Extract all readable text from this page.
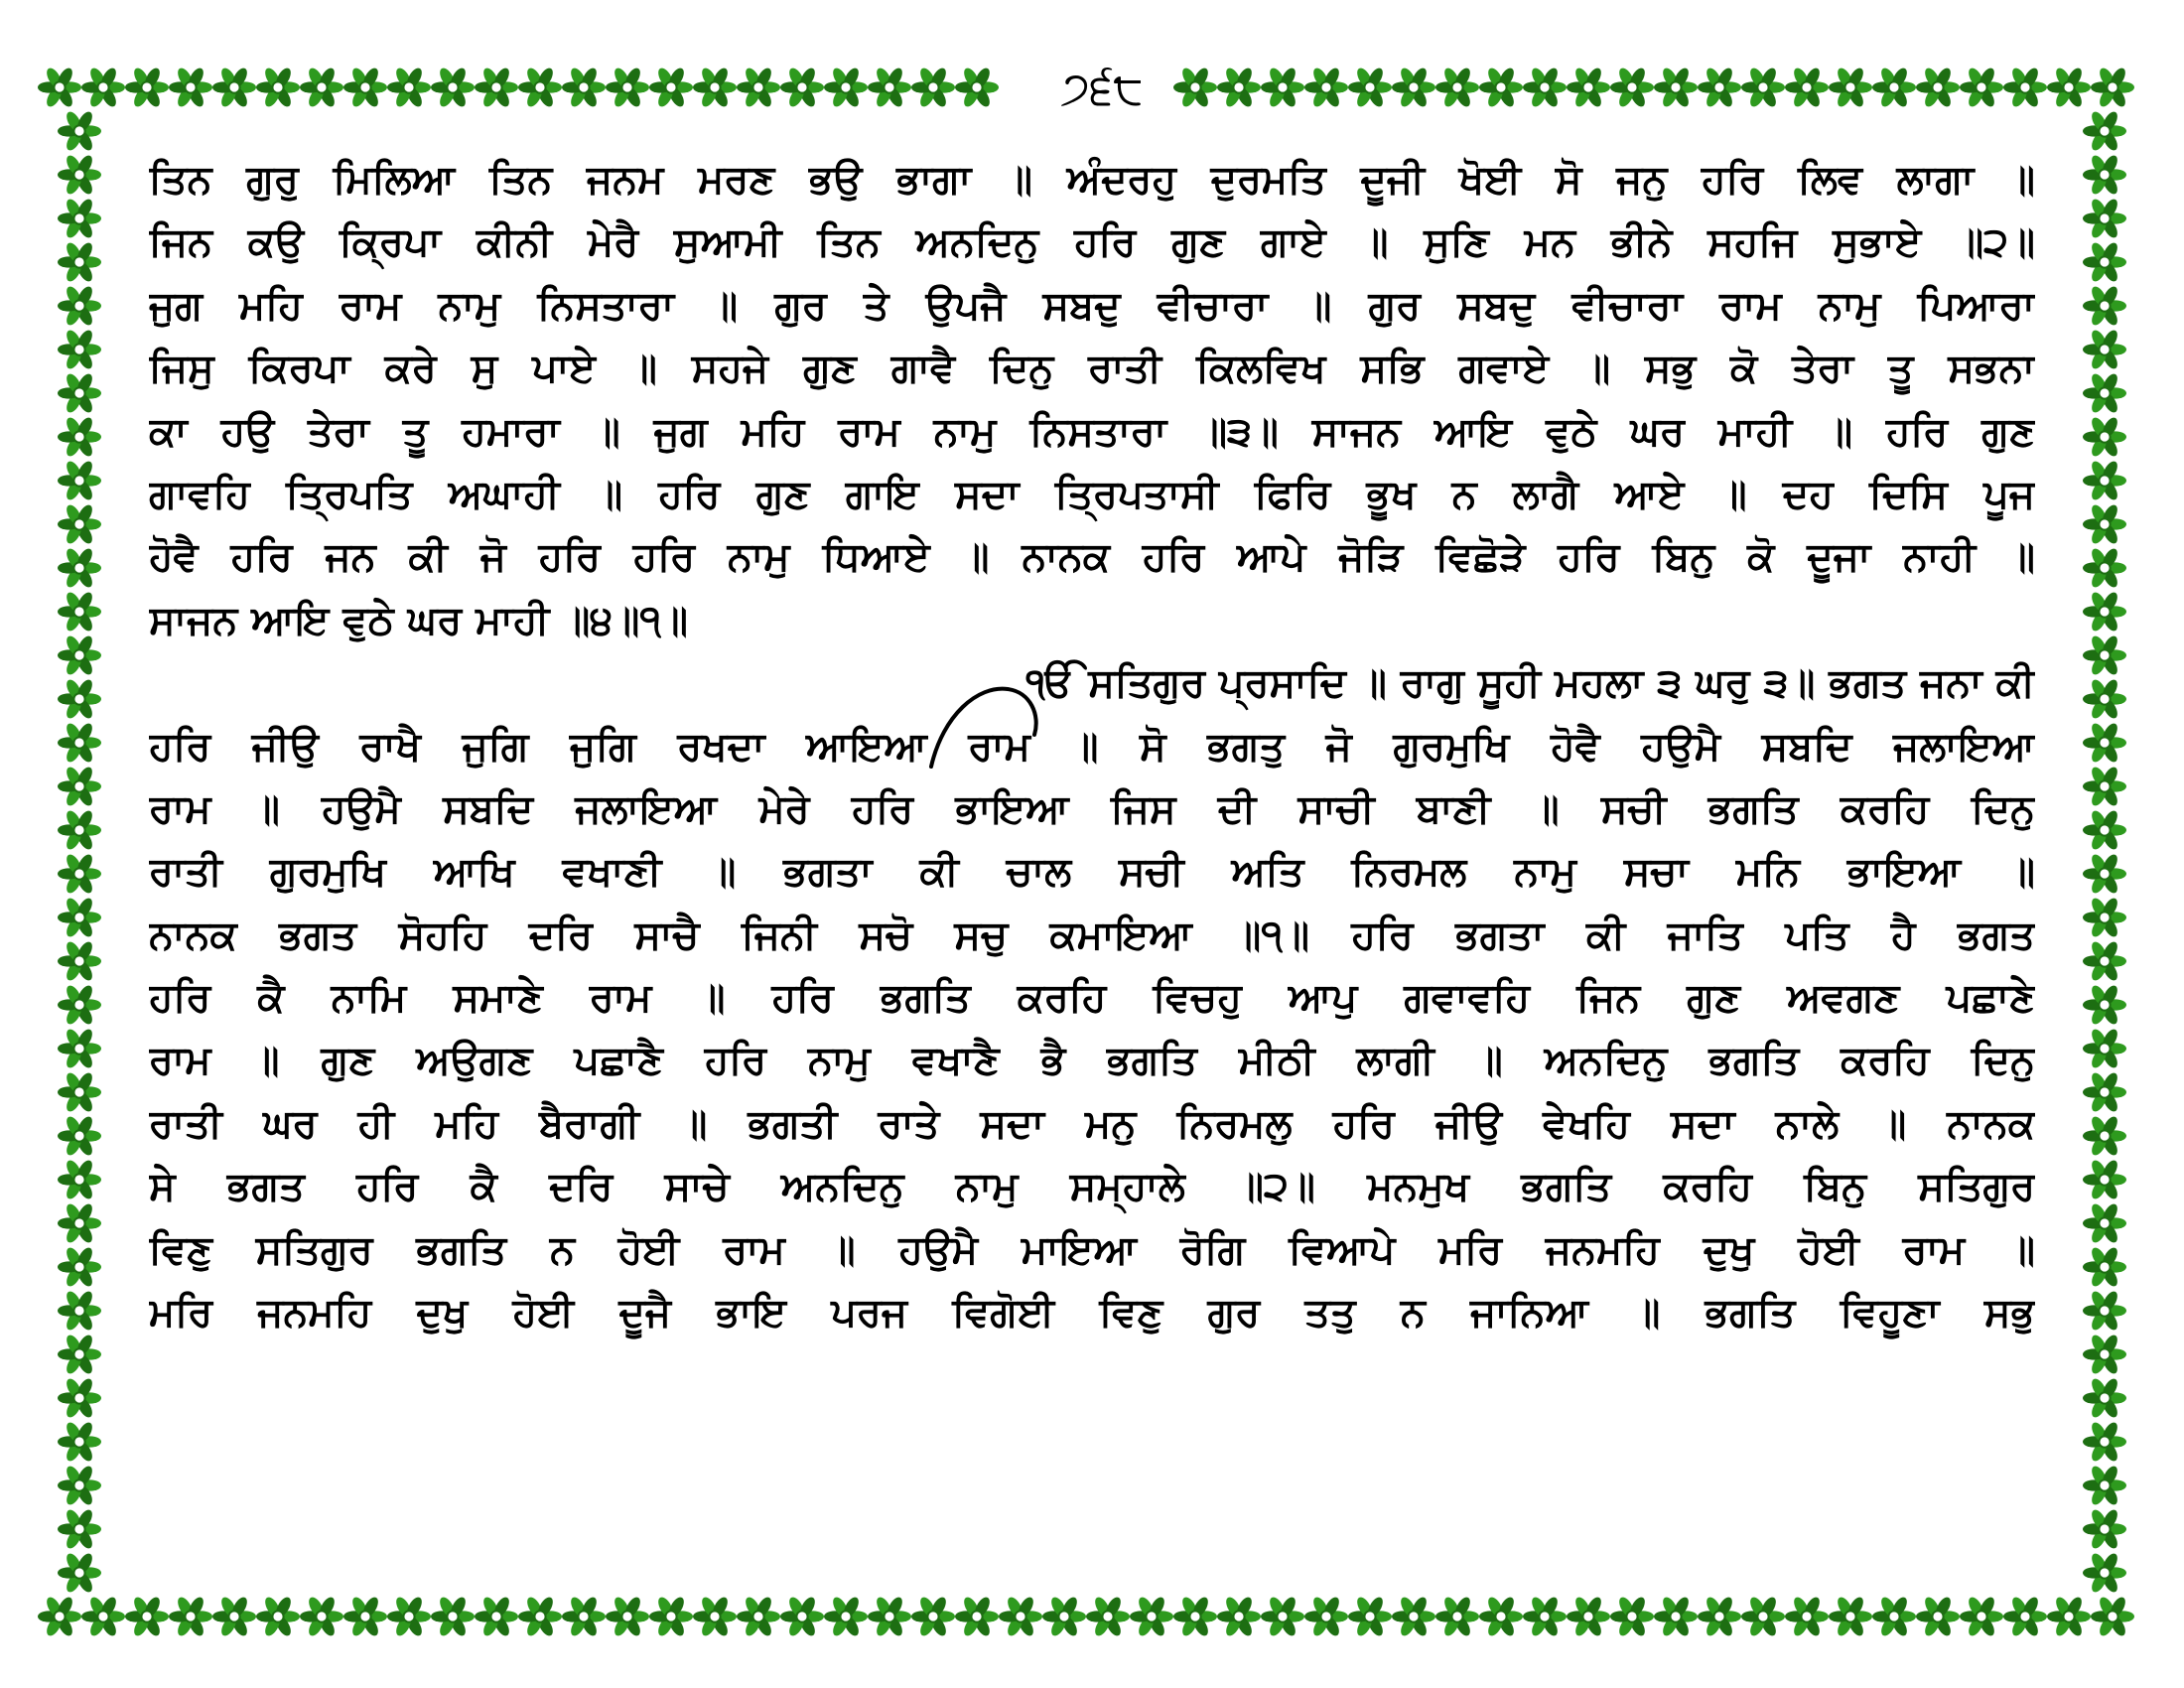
੭੬੮
ਤਿਨ ਗੁਰੁ ਮਿਲਿਆ ਤਿਨ ਜਨਮ ਮਰਣ ਭਉ ਭਾਗਾ ॥ ਅੰਦਰਹੁ ਦੁਰਮਤਿ ਦੂਜੀ ਖੋਈ ਸੋ ਜਨੁ ਹਰਿ ਲਿਵ ਲਾਗਾ ॥
ਜਿਨ ਕਉ ਕ੍ਰਿਪਾ ਕੀਨੀ ਮੇਰੈ ਸੁਆਮੀ ਤਿਨ ਅਨਦਿਨੁ ਹਰਿ ਗੁਣ ਗਾਏ ॥ ਸੁਣਿ ਮਨ ਭੀਨੇ ਸਹਜਿ ਸੁਭਾਏ ॥੨॥
ਜੁਗ ਮਹਿ ਰਾਮ ਨਾਮੁ ਨਿਸਤਾਰਾ ॥ ਗੁਰ ਤੇ ਉਪਜੈ ਸਬਦੁ ਵੀਚਾਰਾ ॥ ਗੁਰ ਸਬਦੁ ਵੀਚਾਰਾ ਰਾਮ ਨਾਮੁ ਪਿਆਰਾ
ਜਿਸੁ ਕਿਰਪਾ ਕਰੇ ਸੁ ਪਾਏ ॥ ਸਹਜੇ ਗੁਣ ਗਾਵੈ ਦਿਨੁ ਰਾਤੀ ਕਿਲਵਿਖ ਸਭਿ ਗਵਾਏ ॥ ਸਭੁ ਕੋ ਤੇਰਾ ਤੂ ਸਭਨਾ
ਕਾ ਹਉ ਤੇਰਾ ਤੂ ਹਮਾਰਾ ॥ ਜੁਗ ਮਹਿ ਰਾਮ ਨਾਮੁ ਨਿਸਤਾਰਾ ॥੩॥ ਸਾਜਨ ਆਇ ਵੁਠੇ ਘਰ ਮਾਹੀ ॥ ਹਰਿ ਗੁਣ
ਗਾਵਹਿ ਤ੍ਰਿਪਤਿ ਅਘਾਹੀ ॥ ਹਰਿ ਗੁਣ ਗਾਇ ਸਦਾ ਤ੍ਰਿਪਤਾਸੀ ਫਿਰਿ ਭੂਖ ਨ ਲਾਗੈ ਆਏ ॥ ਦਹ ਦਿਸਿ ਪੂਜ
ਹੋਵੈ ਹਰਿ ਜਨ ਕੀ ਜੋ ਹਰਿ ਹਰਿ ਨਾਮੁ ਧਿਆਏ ॥ ਨਾਨਕ ਹਰਿ ਆਪੇ ਜੋੜਿ ਵਿਛੋੜੇ ਹਰਿ ਬਿਨੁ ਕੋ ਦੂਜਾ ਨਾਹੀ ॥
ਸਾਜਨ ਆਇ ਵੁਠੇ ਘਰ ਮਾਹੀ ॥੪॥੧॥
ੴ ਸਤਿਗੁਰ ਪ੍ਰਸਾਦਿ ॥ ਰਾਗੁ ਸੂਹੀ ਮਹਲਾ ੩ ਘਰੁ ੩॥ ਭਗਤ ਜਨਾ ਕੀ
ਹਰਿ ਜੀਉ ਰਾਖੈ ਜੁਗਿ ਜੁਗਿ ਰਖਦਾ ਆਇਆ ਰਾਮ ॥ ਸੋ ਭਗਤੁ ਜੋ ਗੁਰਮੁਖਿ ਹੋਵੈ ਹਉਮੈ ਸਬਦਿ ਜਲਾਇਆ
ਰਾਮ ॥ ਹਉਮੈ ਸਬਦਿ ਜਲਾਇਆ ਮੇਰੇ ਹਰਿ ਭਾਇਆ ਜਿਸ ਦੀ ਸਾਚੀ ਬਾਣੀ ॥ ਸਚੀ ਭਗਤਿ ਕਰਹਿ ਦਿਨੁ
ਰਾਤੀ ਗੁਰਮੁਖਿ ਆਖਿ ਵਖਾਣੀ ॥ ਭਗਤਾ ਕੀ ਚਾਲ ਸਚੀ ਅਤਿ ਨਿਰਮਲ ਨਾਮੁ ਸਚਾ ਮਨਿ ਭਾਇਆ ॥
ਨਾਨਕ ਭਗਤ ਸੋਹਹਿ ਦਰਿ ਸਾਚੈ ਜਿਨੀ ਸਚੋ ਸਚੁ ਕਮਾਇਆ ॥੧॥ ਹਰਿ ਭਗਤਾ ਕੀ ਜਾਤਿ ਪਤਿ ਹੈ ਭਗਤ
ਹਰਿ ਕੈ ਨਾਮਿ ਸਮਾਣੇ ਰਾਮ ॥ ਹਰਿ ਭਗਤਿ ਕਰਹਿ ਵਿਚਹੁ ਆਪੁ ਗਵਾਵਹਿ ਜਿਨ ਗੁਣ ਅਵਗਣ ਪਛਾਣੇ
ਰਾਮ ॥ ਗੁਣ ਅਉਗਣ ਪਛਾਣੈ ਹਰਿ ਨਾਮੁ ਵਖਾਣੈ ਭੈ ਭਗਤਿ ਮੀਠੀ ਲਾਗੀ ॥ ਅਨਦਿਨੁ ਭਗਤਿ ਕਰਹਿ ਦਿਨੁ
ਰਾਤੀ ਘਰ ਹੀ ਮਹਿ ਬੈਰਾਗੀ ॥ ਭਗਤੀ ਰਾਤੇ ਸਦਾ ਮਨੁ ਨਿਰਮਲੁ ਹਰਿ ਜੀਉ ਵੇਖਹਿ ਸਦਾ ਨਾਲੇ ॥ ਨਾਨਕ
ਸੇ ਭਗਤ ਹਰਿ ਕੈ ਦਰਿ ਸਾਚੇ ਅਨਦਿਨੁ ਨਾਮੁ ਸਮ੍ਹਾਲੇ ॥੨॥ ਮਨਮੁਖ ਭਗਤਿ ਕਰਹਿ ਬਿਨੁ ਸਤਿਗੁਰ
ਵਿਣੁ ਸਤਿਗੁਰ ਭਗਤਿ ਨ ਹੋਈ ਰਾਮ ॥ ਹਉਮੈ ਮਾਇਆ ਰੋਗਿ ਵਿਆਪੇ ਮਰਿ ਜਨਮਹਿ ਦੁਖੁ ਹੋਈ ਰਾਮ ॥
ਮਰਿ ਜਨਮਹਿ ਦੁਖੁ ਹੋਈ ਦੂਜੈ ਭਾਇ ਪਰਜ ਵਿਗੋਈ ਵਿਣੁ ਗੁਰ ਤਤੁ ਨ ਜਾਨਿਆ ॥ ਭਗਤਿ ਵਿਹੂਣਾ ਸਭੁ
